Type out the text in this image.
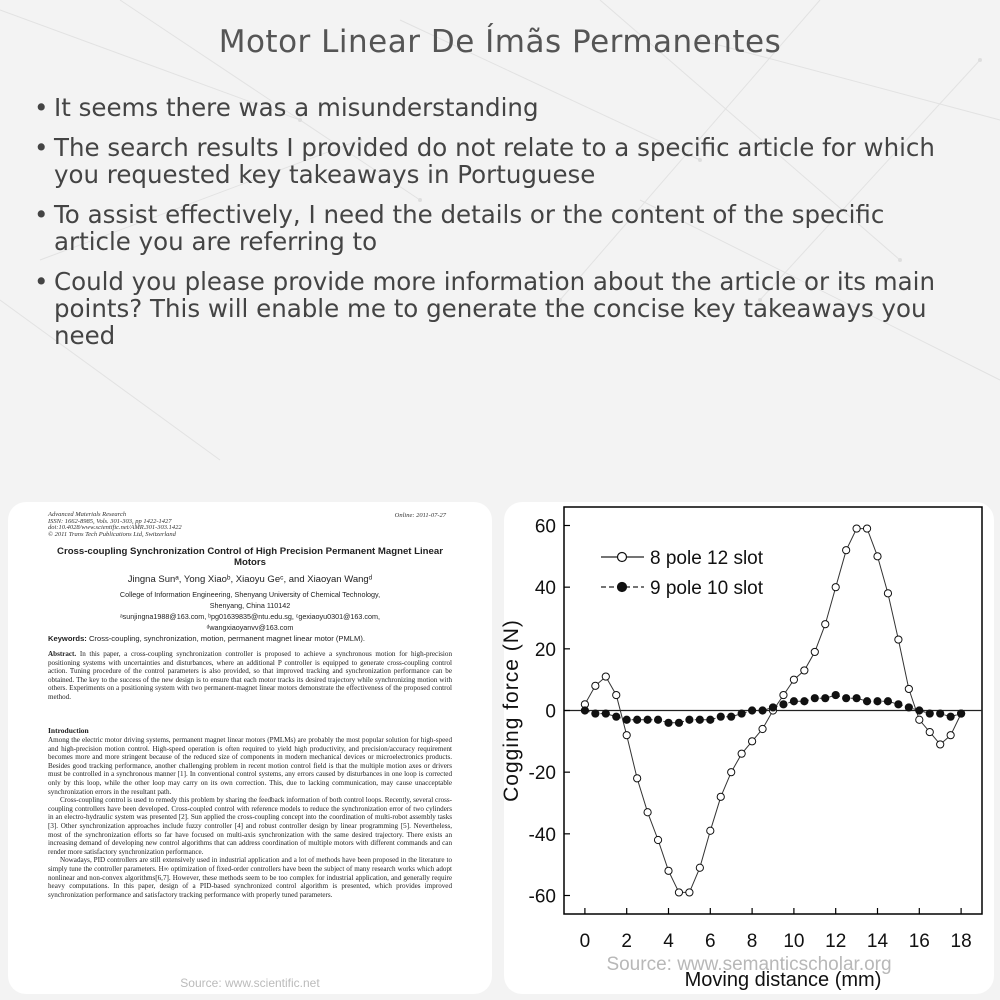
Motor Linear De Ímãs Permanentes
• It seems there was a misunderstanding
• The search results I provided do not relate to a specific article for which you requested key takeaways in Portuguese
• To assist effectively, I need the details or the content of the specific article you are referring to
• Could you please provide more information about the article or its main points? This will enable me to generate the concise key takeaways you need
Advanced Materials Research
ISSN: 1662-8985, Vols. 301-303, pp 1422-1427
doi:10.4028/www.scientific.net/AMR.301-303.1422
© 2011 Trans Tech Publications Ltd, Switzerland
Online: 2011-07-27
Cross-coupling Synchronization Control of High Precision Permanent Magnet Linear Motors
Jingna Sunᵃ, Yong Xiaoᵇ, Xiaoyu Geᶜ, and Xiaoyan Wangᵈ
College of Information Engineering, Shenyang University of Chemical Technology,
Shenyang, China 110142
ᵃsunjingna1988@163.com, ᵇpg01639835@ntu.edu.sg, ᶜgexiaoyu0301@163.com,
ᵈwangxiaoyanvv@163.com
Keywords: Cross-coupling, synchronization, motion, permanent magnet linear motor (PMLM).
Abstract. In this paper, a cross-coupling synchronization controller is proposed to achieve a synchronous motion for high-precision positioning systems with uncertainties and disturbances, where an additional P controller is equipped to generate cross-coupling control action. Tuning procedure of the control parameters is also provided, so that improved tracking and synchronization performance can be obtained. The key to the success of the new design is to ensure that each motor tracks its desired trajectory while synchronizing motion with others. Experiments on a positioning system with two permanent-magnet linear motors demonstrate the effectiveness of the proposed control method.
Introduction

Among the electric motor driving systems, permanent magnet linear motors (PMLMs) are probably the most popular solution for high-speed and high-precision motion control. High-speed operation is often required to yield high productivity, and precision/accuracy requirement becomes more and more stringent because of the reduced size of components in modern mechanical devices or microelectronics products. Besides good tracking performance, another challenging problem in recent motion control field is that the multiple motion axes or drivers must be controlled in a synchronous manner [1]. In conventional control systems, any errors caused by disturbances in one loop is corrected only by this loop, while the other loop may carry on its own correction. This, due to lacking communication, may cause unacceptable synchronization errors in the resultant path.

Cross-coupling control is used to remedy this problem by sharing the feedback information of both control loops. Recently, several cross-coupling controllers have been developed. Cross-coupled control with reference models to reduce the synchronization error of two cylinders in an electro-hydraulic system was presented [2]. Sun applied the cross-coupling concept into the coordination of multi-robot assembly tasks [3]. Other synchronization approaches include fuzzy controller [4] and robust controller design by linear programming [5]. Nevertheless, most of the synchronization efforts so far have focused on multi-axis synchronization with the same desired trajectory. There exists an increasing demand of developing new control algorithms that can address coordination of multiple motors with different commands and can render more satisfactory synchronization performance.

Nowadays, PID controllers are still extensively used in industrial application and a lot of methods have been proposed in the literature to simply tune the controller parameters. H∞ optimization of fixed-order controllers have been the subject of many research works which adopt nonlinear and non-convex algorithms[6,7]. However, these methods seem to be too complex for industrial application, and generally require heavy computations. In this paper, design of a PID-based synchronized control algorithm is presented, which provides improved synchronization performance and satisfactory tracking performance with properly tuned parameters.

Source: www.scientific.net
60
40
20
0
-20
-40
-60
0 2 4 6 8 10 12 14 16 18
Cogging force (N)
Moving distance (mm)
8 pole 12 slot
9 pole 10 slot
Source: www.semanticscholar.org
